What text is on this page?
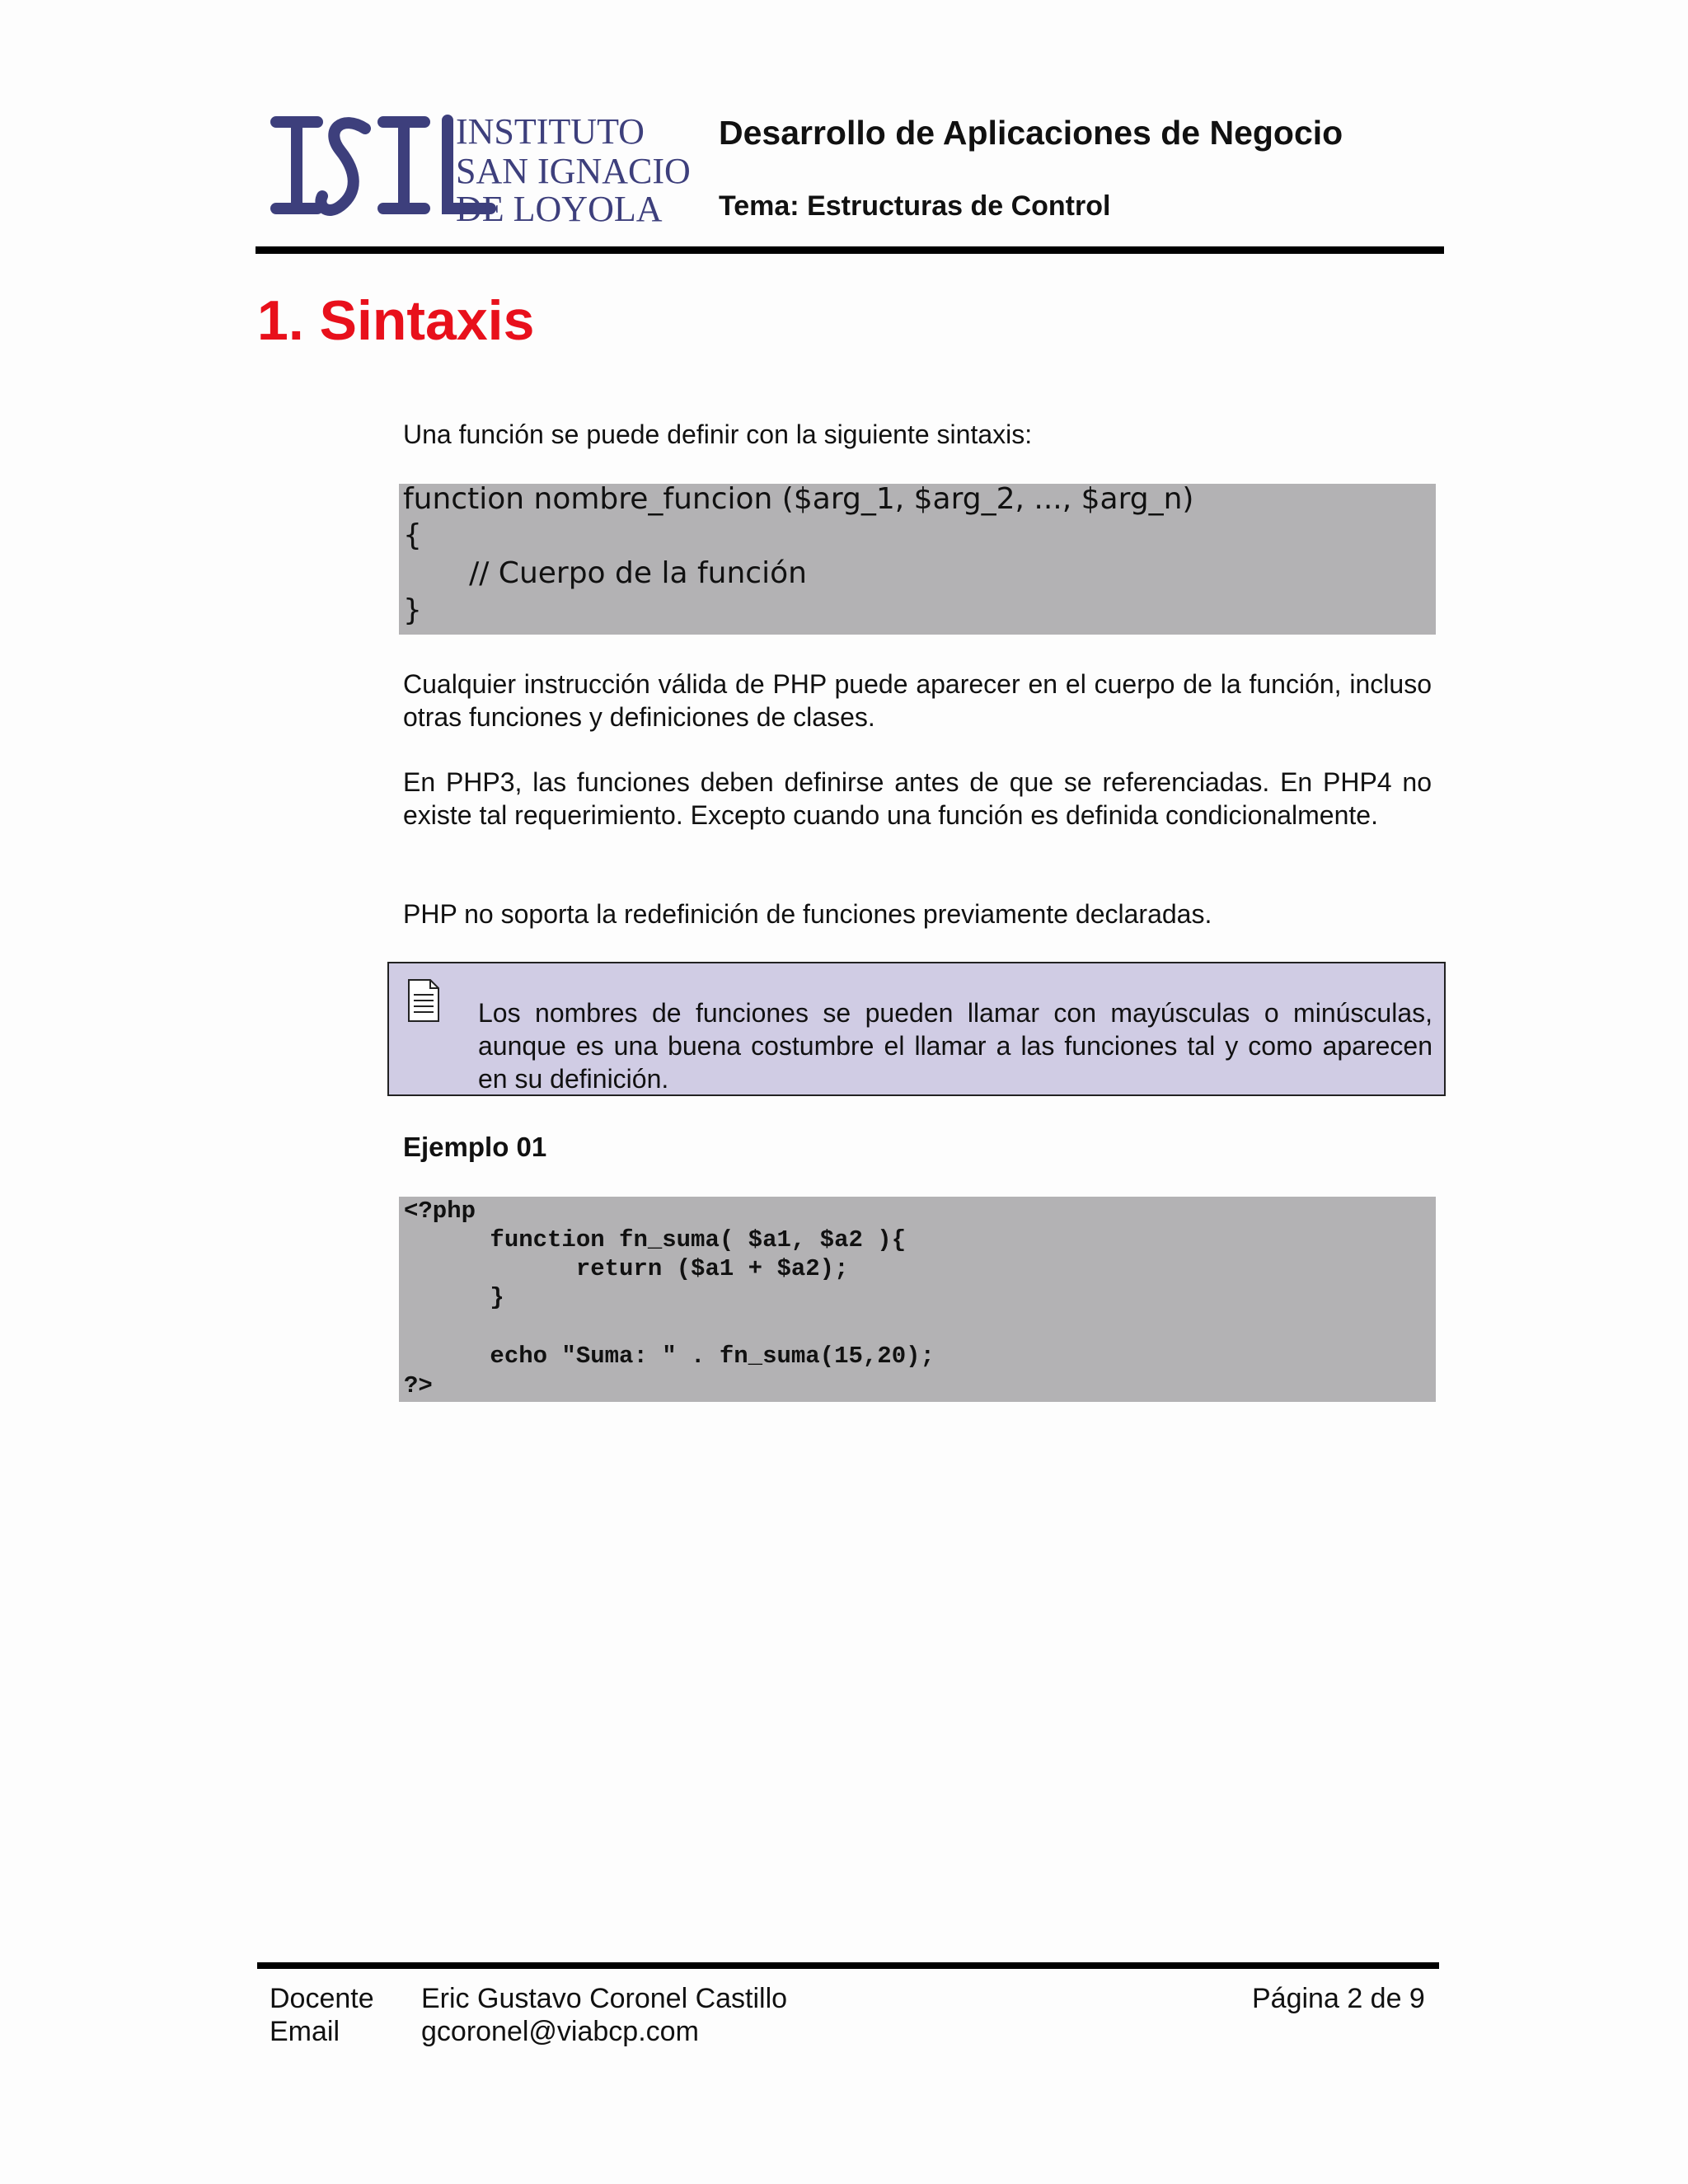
INSTITUTO
SAN IGNACIO
DE LOYOLA
Desarrollo de Aplicaciones de Negocio
Tema: Estructuras de Control
1. Sintaxis
Una función se puede definir con la siguiente sintaxis:
function nombre_funcion ($arg_1, $arg_2, ..., $arg_n)
{
// Cuerpo de la función
}
Cualquier instrucción válida de PHP puede aparecer en el cuerpo de la función, incluso otras funciones y definiciones de clases.
En PHP3, las funciones deben definirse antes de que se referenciadas. En PHP4 no existe tal requerimiento. Excepto cuando una función es definida condicionalmente.
PHP no soporta la redefinición de funciones previamente declaradas.
Los nombres de funciones se pueden llamar con mayúsculas o minúsculas, aunque es una buena costumbre el llamar a las funciones tal y como aparecen en su definición.
Ejemplo 01
<?php
function fn_suma( $a1, $a2 ){
return ($a1 + $a2);
}
echo "Suma: " . fn_suma(15,20);
?>
Docente Eric Gustavo Coronel Castillo
Email	gcoronel@viabcp.com
Página 2 de 9
